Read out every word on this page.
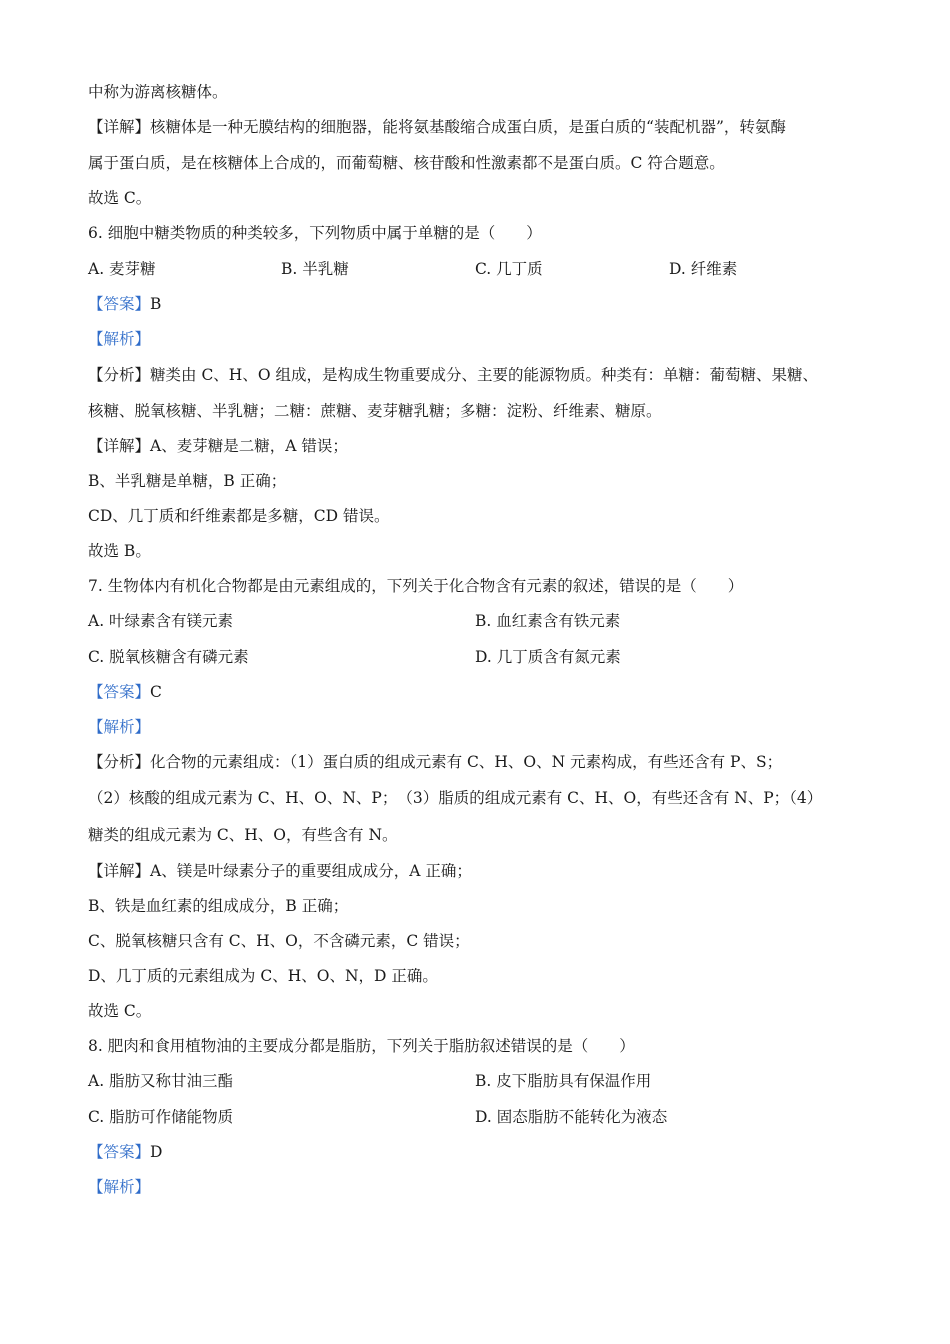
中称为游离核糖体。
【详解】核糖体是一种无膜结构的细胞器，能将氨基酸缩合成蛋白质，是蛋白质的“装配机器”，转氨酶
属于蛋白质，是在核糖体上合成的，而葡萄糖、核苷酸和性激素都不是蛋白质。C 符合题意。
故选 C。
6. 细胞中糖类物质的种类较多，下列物质中属于单糖的是（　　）
A. 麦芽糖	B. 半乳糖	C. 几丁质	D. 纤维素
【答案】B
【解析】
【分析】糖类由 C、H、O 组成，是构成生物重要成分、主要的能源物质。种类有：单糖：葡萄糖、果糖、
核糖、脱氧核糖、半乳糖；二糖：蔗糖、麦芽糖乳糖；多糖：淀粉、纤维素、糖原。
【详解】A、麦芽糖是二糖，A 错误；
B、半乳糖是单糖，B 正确；
CD、几丁质和纤维素都是多糖，CD 错误。
故选 B。
7. 生物体内有机化合物都是由元素组成的，下列关于化合物含有元素的叙述，错误的是（　　）
A. 叶绿素含有镁元素	B. 血红素含有铁元素
C. 脱氧核糖含有磷元素	D. 几丁质含有氮元素
【答案】C
【解析】
【分析】化合物的元素组成：（1）蛋白质的组成元素有 C、H、O、N 元素构成，有些还含有 P、S；
（2）核酸的组成元素为 C、H、O、N、P；　（3）脂质的组成元素有 C、H、O，有些还含有 N、P；（4）
糖类的组成元素为 C、H、O，有些含有 N。
【详解】A、镁是叶绿素分子的重要组成成分，A 正确；
B、铁是血红素的组成成分，B 正确；
C、脱氧核糖只含有 C、H、O，不含磷元素，C 错误；
D、几丁质的元素组成为 C、H、O、N，D 正确。
故选 C。
8. 肥肉和食用植物油的主要成分都是脂肪，下列关于脂肪叙述错误的是（　　）
A. 脂肪又称甘油三酯	B. 皮下脂肪具有保温作用
C. 脂肪可作储能物质	D. 固态脂肪不能转化为液态
【答案】D
【解析】
